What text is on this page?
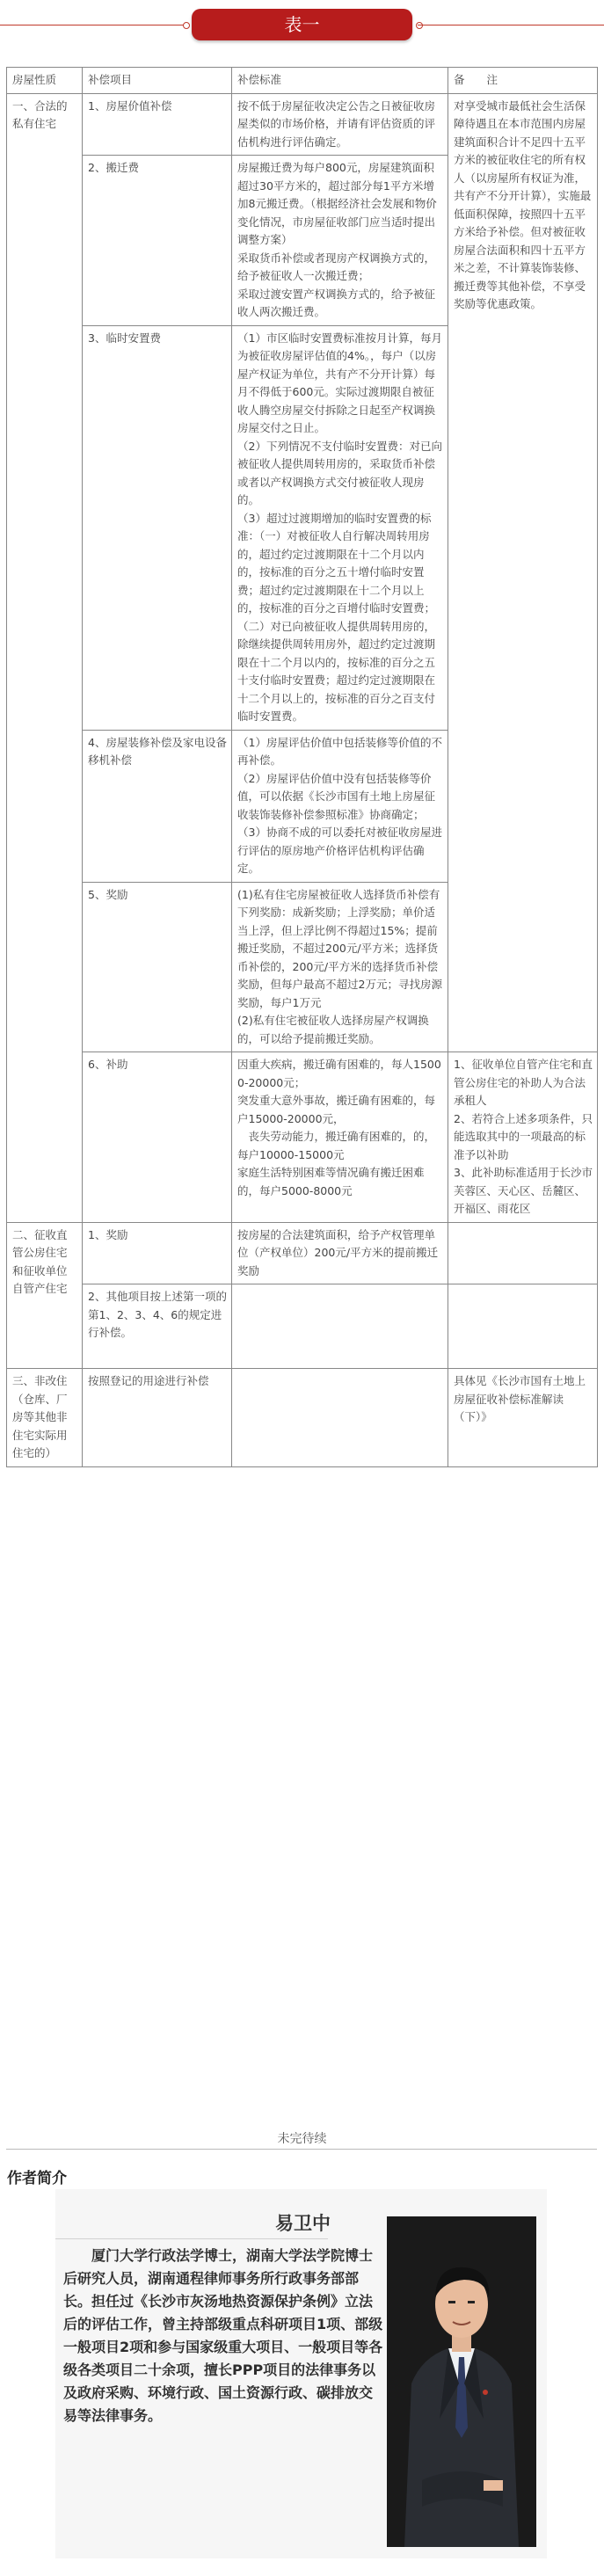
表一
房屋性质	补偿项目	补偿标准	备　　注
一、合法的私有住宅	1、房屋价值补偿	按不低于房屋征收决定公告之日被征收房屋类似的市场价格，并请有评估资质的评估机构进行评估确定。	对享受城市最低社会生活保障待遇且在本市范围内房屋建筑面积合计不足四十五平方米的被征收住宅的所有权人（以房屋所有权证为准，共有产不分开计算），实施最低面积保障，按照四十五平方米给予补偿。但对被征收房屋合法面积和四十五平方米之差，不计算装饰装修、搬迁费等其他补偿，不享受奖励等优惠政策。

	2、搬迁费	房屋搬迁费为每户800元，房屋建筑面积超过30平方米的，超过部分每1平方米增加8元搬迁费。（根据经济社会发展和物价变化情况，市房屋征收部门应当适时提出调整方案）
采取货币补偿或者现房产权调换方式的，给予被征收人一次搬迁费；
采取过渡安置产权调换方式的，给予被征收人两次搬迁费。	

	3、临时安置费	（1）市区临时安置费标准按月计算，每月为被征收房屋评估值的4%。，每户（以房屋产权证为单位，共有产不分开计算）每月不得低于600元。实际过渡期限自被征收人腾空房屋交付拆除之日起至产权调换房屋交付之日止。
（2）下列情况不支付临时安置费：对已向被征收人提供周转用房的，采取货币补偿或者以产权调换方式交付被征收人现房的。
（3）超过过渡期增加的临时安置费的标准：（一）对被征收人自行解决周转用房的，超过约定过渡期限在十二个月以内的，按标准的百分之五十增付临时安置费；超过约定过渡期限在十二个月以上的，按标准的百分之百增付临时安置费；
（二）对已向被征收人提供周转用房的，除继续提供周转用房外，超过约定过渡期限在十二个月以内的，按标准的百分之五十支付临时安置费；超过约定过渡期限在十二个月以上的，按标准的百分之百支付临时安置费。	

	4、房屋装修补偿及家电设备移机补偿	（1）房屋评估价值中包括装修等价值的不再补偿。
（2）房屋评估价值中没有包括装修等价值，可以依据《长沙市国有土地上房屋征收装饰装修补偿参照标准》协商确定；
（3）协商不成的可以委托对被征收房屋进行评估的原房地产价格评估机构评估确定。	

	5、奖励	(1)私有住宅房屋被征收人选择货币补偿有下列奖励：成新奖励；上浮奖励；单价适当上浮，但上浮比例不得超过15%；提前搬迁奖励，不超过200元/平方米；选择货币补偿的，200元/平方米的选择货币补偿奖励，但每户最高不超过2万元；寻找房源奖励，每户1万元
(2)私有住宅被征收人选择房屋产权调换的，可以给予提前搬迁奖励。	

	6、补助	因重大疾病，搬迁确有困难的，每人15000-20000元；
突发重大意外事故，搬迁确有困难的，每户15000-20000元，
　丧失劳动能力，搬迁确有困难的，的，每户10000-15000元
家庭生活特别困难等情况确有搬迁困难的，每户5000-8000元	1、征收单位自管产住宅和直管公房住宅的补助人为合法承租人
2、若符合上述多项条件，只能选取其中的一项最高的标准予以补助
3、此补助标准适用于长沙市芙蓉区、天心区、岳麓区、开福区、雨花区

二、征收直管公房住宅和征收单位自管产住宅	1、奖励	按房屋的合法建筑面积，给予产权管理单位（产权单位）200元/平方米的提前搬迁奖励	

	2、其他项目按上述第一项的第1、2、3、4、6的规定进行补偿。		
三、非改住（仓库、厂房等其他非住宅实际用住宅的）	按照登记的用途进行补偿		具体见《长沙市国有土地上房屋征收补偿标准解读（下）》
未完待续
作者简介
易卫中
厦门大学行政法学博士，湖南大学法学院博士后研究人员，湖南通程律师事务所行政事务部部长。担任过《长沙市灰汤地热资源保护条例》立法后的评估工作，曾主持部级重点科研项目1项、部级一般项目2项和参与国家级重大项目、一般项目等各级各类项目二十余项，擅长PPP项目的法律事务以及政府采购、环境行政、国土资源行政、碳排放交易等法律事务。
